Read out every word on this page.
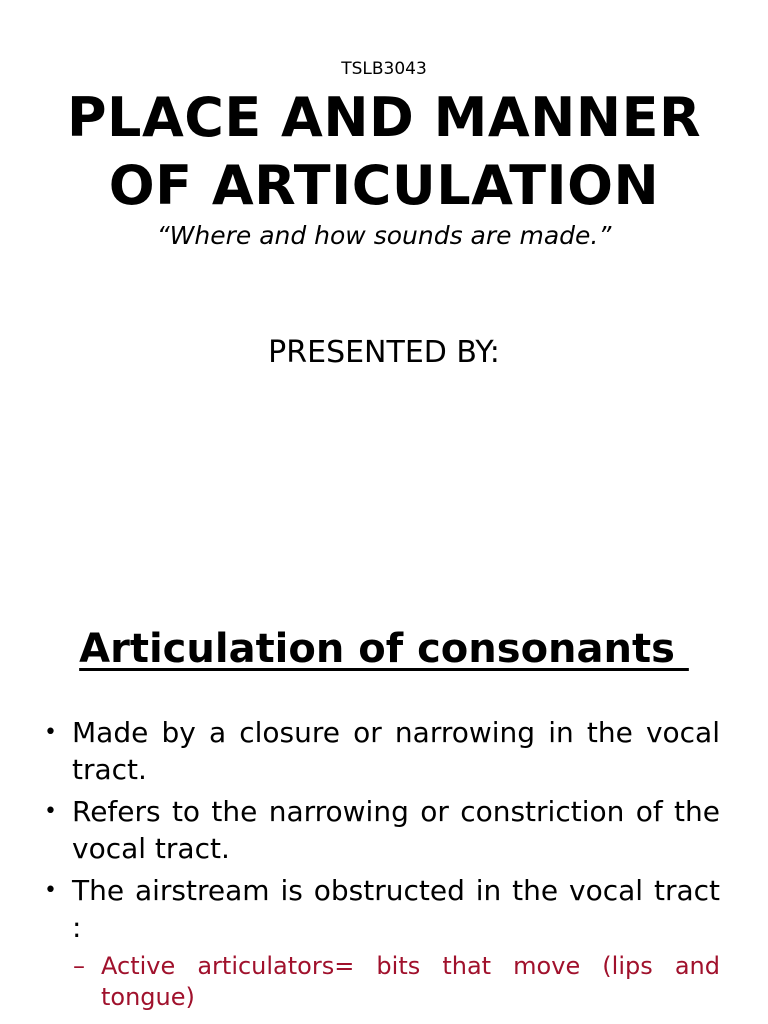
TSLB3043
PLACE AND MANNER
OF ARTICULATION
“Where and how sounds are made.”
PRESENTED BY:
Articulation of consonants
• Made by a closure or narrowing in the vocal tract.
• Refers to the narrowing or constriction of the vocal tract.
• The airstream is obstructed in the vocal tract :
– Active articulators= bits that move (lips and tongue)
